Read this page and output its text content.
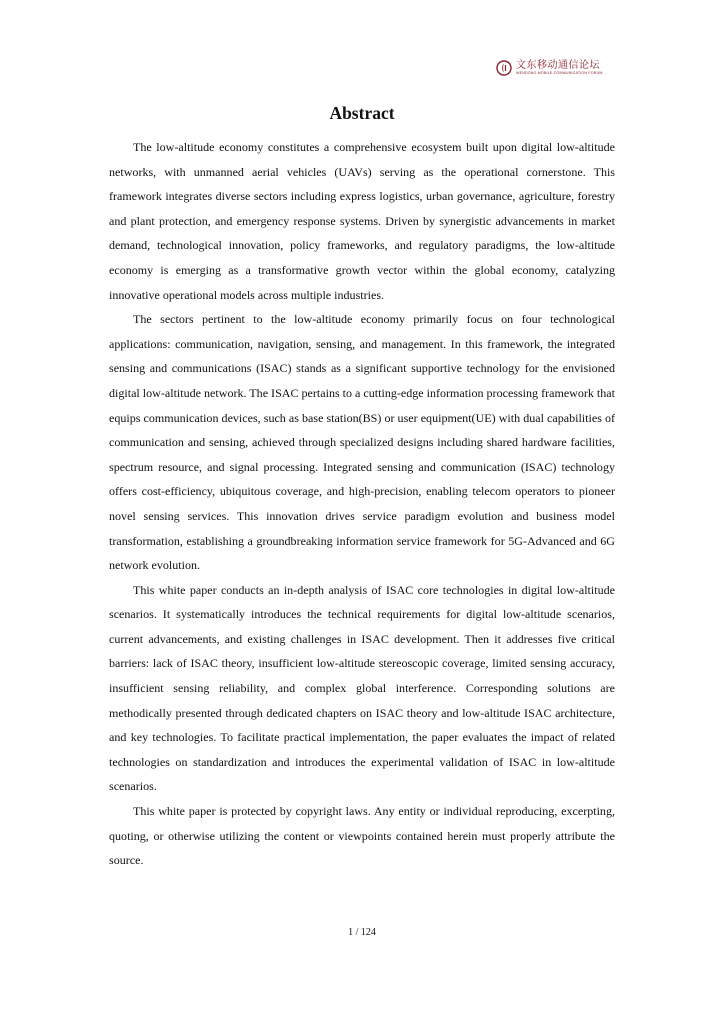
文东移动通信论坛
WENDONG MOBILE COMMUNICATION FORUM
Abstract

The low-altitude economy constitutes a comprehensive ecosystem built upon digital low-altitude networks, with unmanned aerial vehicles (UAVs) serving as the operational cornerstone. This framework integrates diverse sectors including express logistics, urban governance, agriculture, forestry and plant protection, and emergency response systems. Driven by synergistic advancements in market demand, technological innovation, policy frameworks, and regulatory paradigms, the low-altitude economy is emerging as a transformative growth vector within the global economy, catalyzing innovative operational models across multiple industries.

The sectors pertinent to the low-altitude economy primarily focus on four technological applications: communication, navigation, sensing, and management. In this framework, the integrated sensing and communications (ISAC) stands as a significant supportive technology for the envisioned digital low-altitude network. The ISAC pertains to a cutting-edge information processing framework that equips communication devices, such as base station(BS) or user equipment(UE) with dual capabilities of communication and sensing, achieved through specialized designs including shared hardware facilities, spectrum resource, and signal processing. Integrated sensing and communication (ISAC) technology offers cost-efficiency, ubiquitous coverage, and high-precision, enabling telecom operators to pioneer novel sensing services. This innovation drives service paradigm evolution and business model transformation, establishing a groundbreaking information service framework for 5G-Advanced and 6G network evolution.

This white paper conducts an in-depth analysis of ISAC core technologies in digital low-altitude scenarios. It systematically introduces the technical requirements for digital low-altitude scenarios, current advancements, and existing challenges in ISAC development. Then it addresses five critical barriers: lack of ISAC theory, insufficient low-altitude stereoscopic coverage, limited sensing accuracy, insufficient sensing reliability, and complex global interference. Corresponding solutions are methodically presented through dedicated chapters on ISAC theory and low-altitude ISAC architecture, and key technologies. To facilitate practical implementation, the paper evaluates the impact of related technologies on standardization and introduces the experimental validation of ISAC in low-altitude scenarios.

This white paper is protected by copyright laws. Any entity or individual reproducing, excerpting, quoting, or otherwise utilizing the content or viewpoints contained herein must properly attribute the source.

1 / 124
